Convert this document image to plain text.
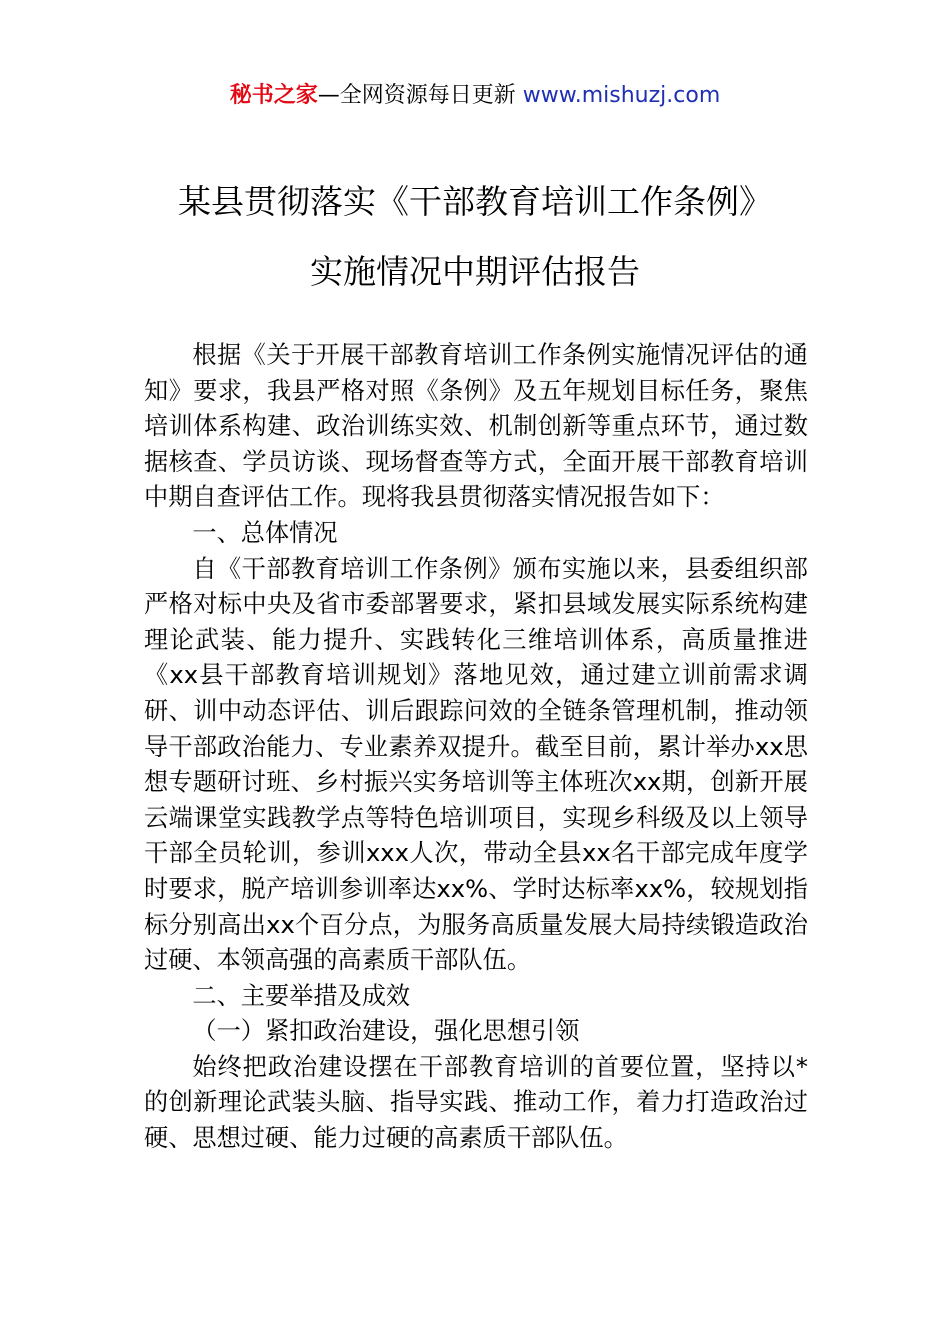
秘书之家—全网资源每日更新 www.mishuzj.com
某县贯彻落实《干部教育培训工作条例》
实施情况中期评估报告

根据《关于开展干部教育培训工作条例实施情况评估的通知》要求，我县严格对照《条例》及五年规划目标任务，聚焦培训体系构建、政治训练实效、机制创新等重点环节，通过数据核查、学员访谈、现场督查等方式，全面开展干部教育培训中期自查评估工作。现将我县贯彻落实情况报告如下：

一、总体情况

自《干部教育培训工作条例》颁布实施以来，县委组织部严格对标中央及省市委部署要求，紧扣县域发展实际系统构建理论武装、能力提升、实践转化三维培训体系，高质量推进《xx县干部教育培训规划》落地见效，通过建立训前需求调研、训中动态评估、训后跟踪问效的全链条管理机制，推动领导干部政治能力、专业素养双提升。截至目前，累计举办xx思想专题研讨班、乡村振兴实务培训等主体班次xx期，创新开展云端课堂实践教学点等特色培训项目，实现乡科级及以上领导干部全员轮训，参训xxx人次，带动全县xx名干部完成年度学时要求，脱产培训参训率达xx%、学时达标率xx%，较规划指标分别高出xx个百分点，为服务高质量发展大局持续锻造政治过硬、本领高强的高素质干部队伍。

二、主要举措及成效

（一）紧扣政治建设，强化思想引领

始终把政治建设摆在干部教育培训的首要位置，坚持以*的创新理论武装头脑、指导实践、推动工作，着力打造政治过硬、思想过硬、能力过硬的高素质干部队伍。
